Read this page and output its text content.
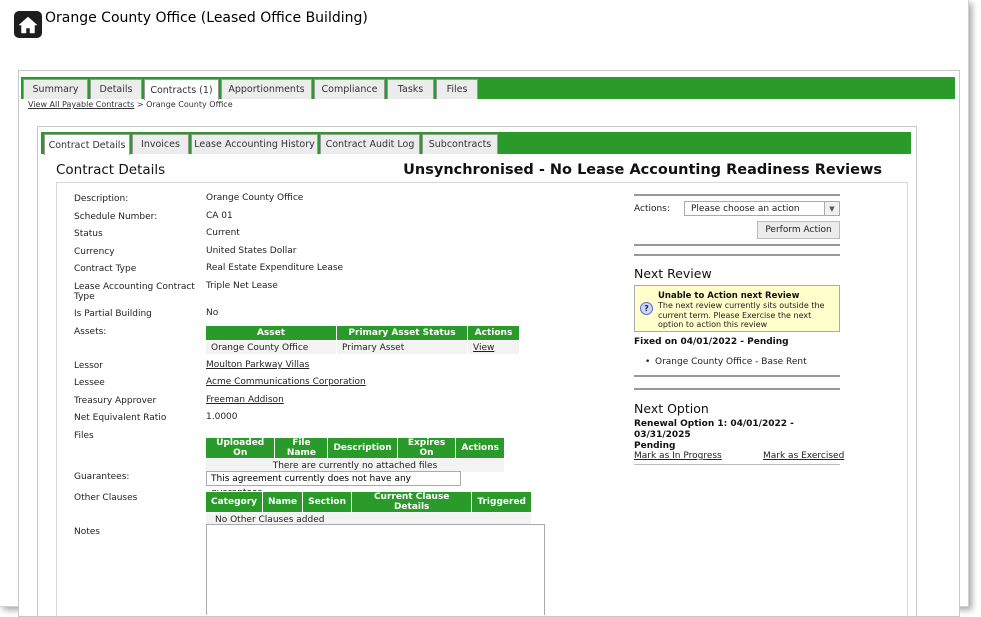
Orange County Office (Leased Office Building)
Summary	Details	Contracts (1)	Apportionments	Compliance	Tasks	Files
View All Payable Contracts > Orange County Office
Contract Details	Invoices	Lease Accounting History	Contract Audit Log	Subcontracts
Contract Details	Unsynchronised - No Lease Accounting Readiness Reviews
Description:	Orange County Office
Schedule Number:	CA 01
Status	Current
Currency	United States Dollar
Contract Type	Real Estate Expenditure Lease
Lease Accounting Contract Type
Triple Net Lease
Is Partial Building	No
Assets:	Asset	Primary Asset Status	Actions
Orange County Office	Primary Asset	View
Lessor	Moulton Parkway Villas
Lessee	Acme Communications Corporation
Treasury Approver	Freeman Addison
Net Equivalent Ratio	1.0000
Files
Uploaded On	File Name	Description	Expires On	Actions
There are currently no attached files
Guarantees:	This agreement currently does not have any
Other Clauses	Category	Name	Section	Current Clause Details	Triggered
No Other Clauses added
Notes
Actions:	Please choose an action	▼
Perform Action
Next Review
?
Unable to Action next Review
The next review currently sits outside the current term. Please Exercise the next option to action this review
Fixed on 04/01/2022 - Pending
• Orange County Office - Base Rent
Next Option
Renewal Option 1: 04/01/2022 -
03/31/2025
Pending
Mark as In Progress	Mark as Exercised
